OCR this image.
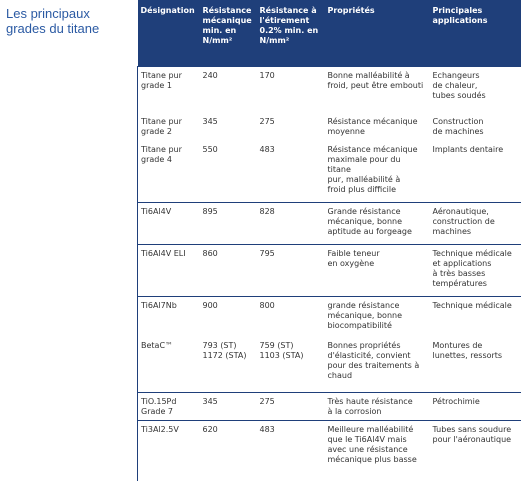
Les principaux
grades du titane
Désignation	Résistance
mécanique
min. en
N/mm²	Résistance à
l'étirement
0.2% min. en
N/mm²	Propriétés	Principales
applications

Titane pur
grade 1	240	170	Bonne malléabilité à
froid, peut être embouti	Echangeurs
de chaleur,
tubes soudés

Titane pur
grade 2	345	275	Résistance mécanique
moyenne	Construction
de machines

Titane pur
grade 4	550	483	Résistance mécanique
maximale pour du
titane
pur, malléabilité à
froid plus difficile	Implants dentaire

Ti6Al4V	895	828	Grande résistance
mécanique, bonne
aptitude au forgeage	Aéronautique,
construction de
machines

Ti6Al4V ELI	860	795	Faible teneur
en oxygène	Technique médicale
et applications
à très basses
températures

Ti6Al7Nb	900	800	grande résistance
mécanique, bonne
biocompatibilité	Technique médicale

BetaC™	793 (ST)
1172 (STA)	759 (ST)
1103 (STA)	Bonnes propriétés
d'élasticité, convient
pour des traitements à
chaud	Montures de
lunettes, ressorts

TiO.15Pd
Grade 7	345	275	Très haute résistance
à la corrosion	Pétrochimie

Ti3Al2.5V	620	483	Meilleure malléabilité
que le Ti6Al4V mais
avec une résistance
mécanique plus basse	Tubes sans soudure
pour l'aéronautique
